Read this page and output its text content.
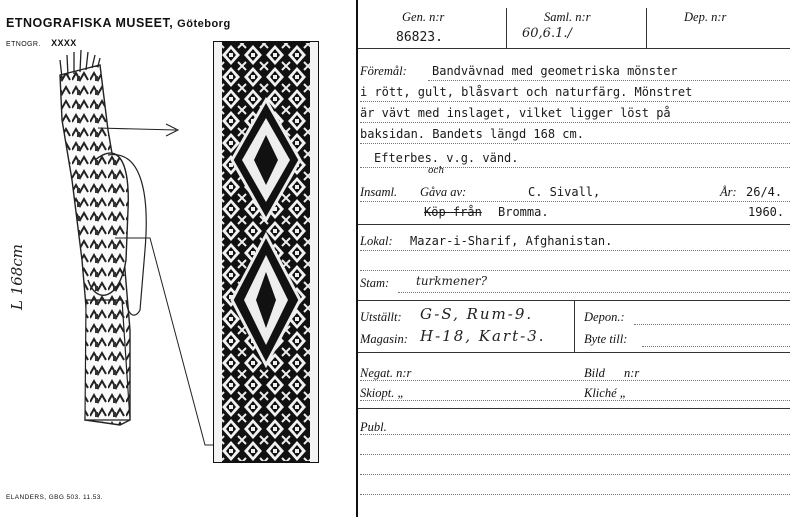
ETNOGRAFISKA MUSEET, Göteborg
ETNOGR. XXXX
L 168cm
ELANDERS, GBG 503. 11.53.
Gen. n:r
86823.
Saml. n:r
60,6.1./
Dep. n:r
Föremål: Bandvävnad med geometriska mönster
i rött, gult, blåsvart och naturfärg. Mönstret
är vävt med inslaget, vilket ligger löst på
baksidan. Bandets längd 168 cm.
Efterbes. v.g. vänd.
och
Insaml. Gåva av:	C. Sivall,	År: 26/4.
Köp från Bromma.	1960.
Lokal: Mazar-i-Sharif, Afghanistan.
Stam: turkmener?
Utställt: G-S, Rum-9.
Magasin: H-18, Kart-3.
Depon.:
Byte till:
Negat. n:r	Bild n:r
Skiopt. „	Kliché „
Publ.
